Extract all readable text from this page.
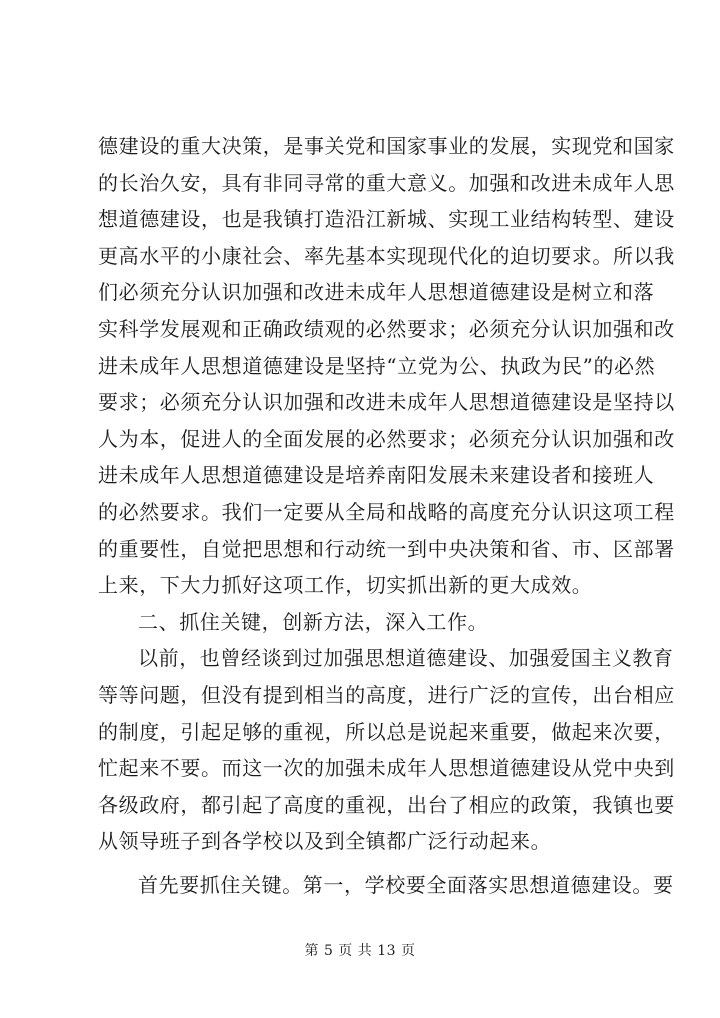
德建设的重大决策，是事关党和国家事业的发展，实现党和国家
的长治久安，具有非同寻常的重大意义。加强和改进未成年人思
想道德建设，也是我镇打造沿江新城、实现工业结构转型、建设
更高水平的小康社会、率先基本实现现代化的迫切要求。所以我
们必须充分认识加强和改进未成年人思想道德建设是树立和落
实科学发展观和正确政绩观的必然要求；必须充分认识加强和改
进未成年人思想道德建设是坚持“立党为公、执政为民”的必然
要求；必须充分认识加强和改进未成年人思想道德建设是坚持以
人为本，促进人的全面发展的必然要求；必须充分认识加强和改
进未成年人思想道德建设是培养南阳发展未来建设者和接班人
的必然要求。我们一定要从全局和战略的高度充分认识这项工程
的重要性，自觉把思想和行动统一到中央决策和省、市、区部署
上来，下大力抓好这项工作，切实抓出新的更大成效。
二、抓住关键，创新方法，深入工作。
以前，也曾经谈到过加强思想道德建设、加强爱国主义教育
等等问题，但没有提到相当的高度，进行广泛的宣传，出台相应
的制度，引起足够的重视，所以总是说起来重要，做起来次要，
忙起来不要。而这一次的加强未成年人思想道德建设从党中央到
各级政府，都引起了高度的重视，出台了相应的政策，我镇也要
从领导班子到各学校以及到全镇都广泛行动起来。
首先要抓住关键。第一，学校要全面落实思想道德建设。要
第 5 页 共 13 页
